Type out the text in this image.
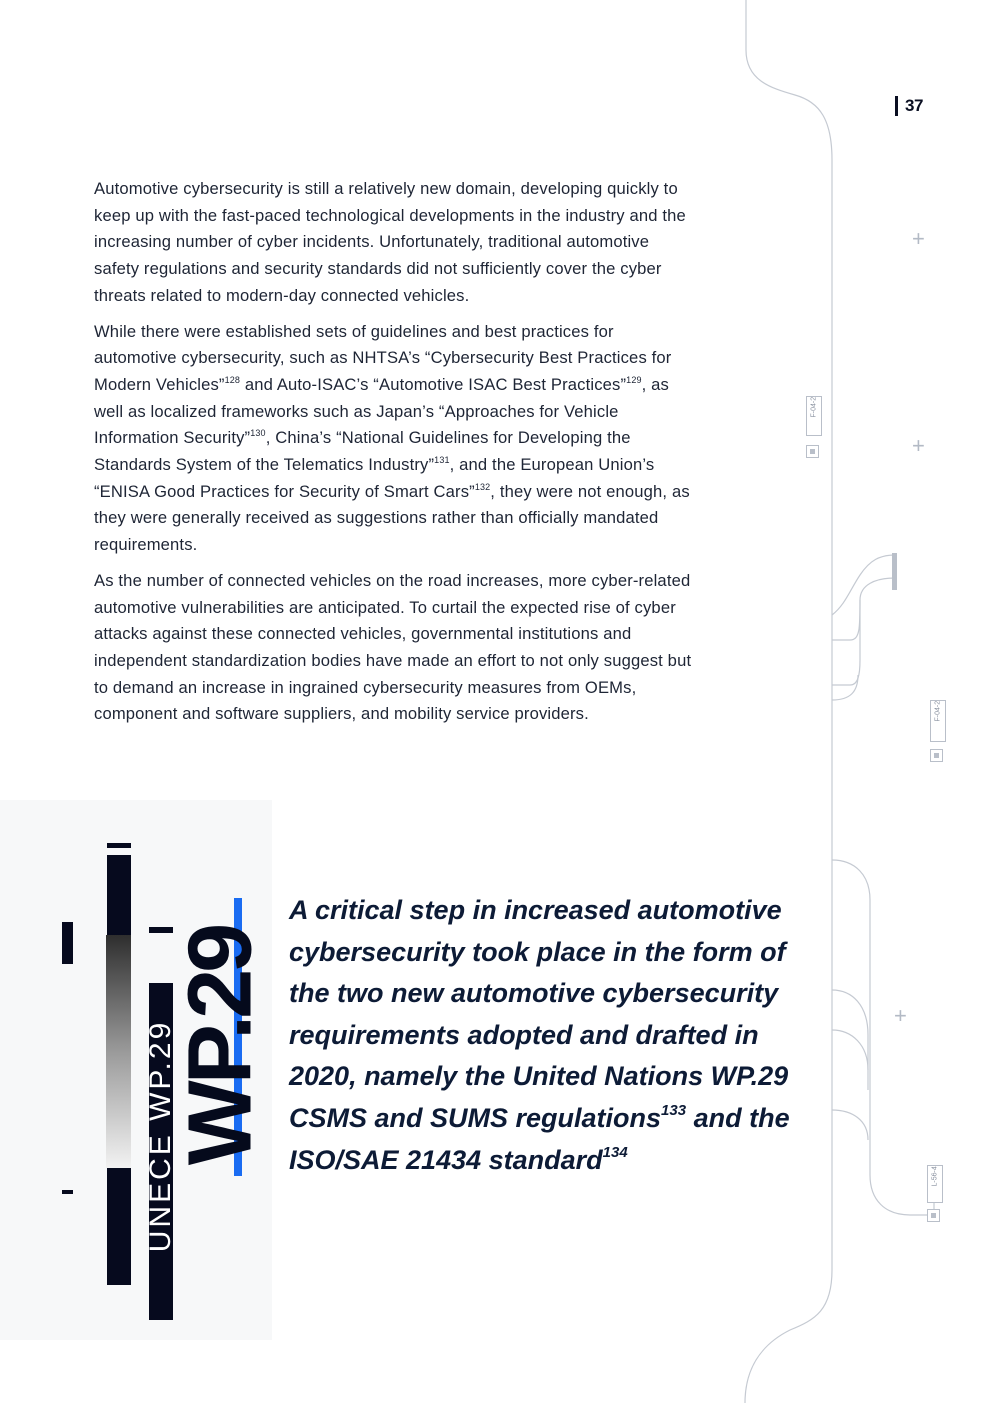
+
+
+
F-04-2
F-04-2
L-56-4
37

Automotive cybersecurity is still a relatively new domain, developing quickly to keep up with the fast-paced technological developments in the industry and the increasing number of cyber incidents. Unfortunately, traditional automotive safety regulations and security standards did not sufficiently cover the cyber threats related to modern-day connected vehicles.

While there were established sets of guidelines and best practices for automotive cybersecurity, such as NHTSA’s “Cybersecurity Best Practices for Modern Vehicles”$^{128}$ and Auto-ISAC’s “Automotive ISAC Best Practices”$^{129}$, as well as localized frameworks such as Japan’s “Approaches for Vehicle Information Security”$^{130}$, China’s “National Guidelines for Developing the Standards System of the Telematics Industry”$^{131}$, and the European Union’s “ENISA Good Practices for Security of Smart Cars”$^{132}$, they were not enough, as they were generally received as suggestions rather than officially mandated requirements.

As the number of connected vehicles on the road increases, more cyber-related automotive vulnerabilities are anticipated. To curtail the expected rise of cyber attacks against these connected vehicles, governmental institutions and independent standardization bodies have made an effort to not only suggest but to demand an increase in ingrained cybersecurity measures from OEMs, component and software suppliers, and mobility service providers.

UNECE WP.29
WP.29

A critical step in increased automotive cybersecurity took place in the form of the two new automotive cybersecurity requirements adopted and drafted in 2020, namely the United Nations WP.29 CSMS and SUMS regulations$^{133}$ and the ISO/SAE 21434 standard$^{134}$
